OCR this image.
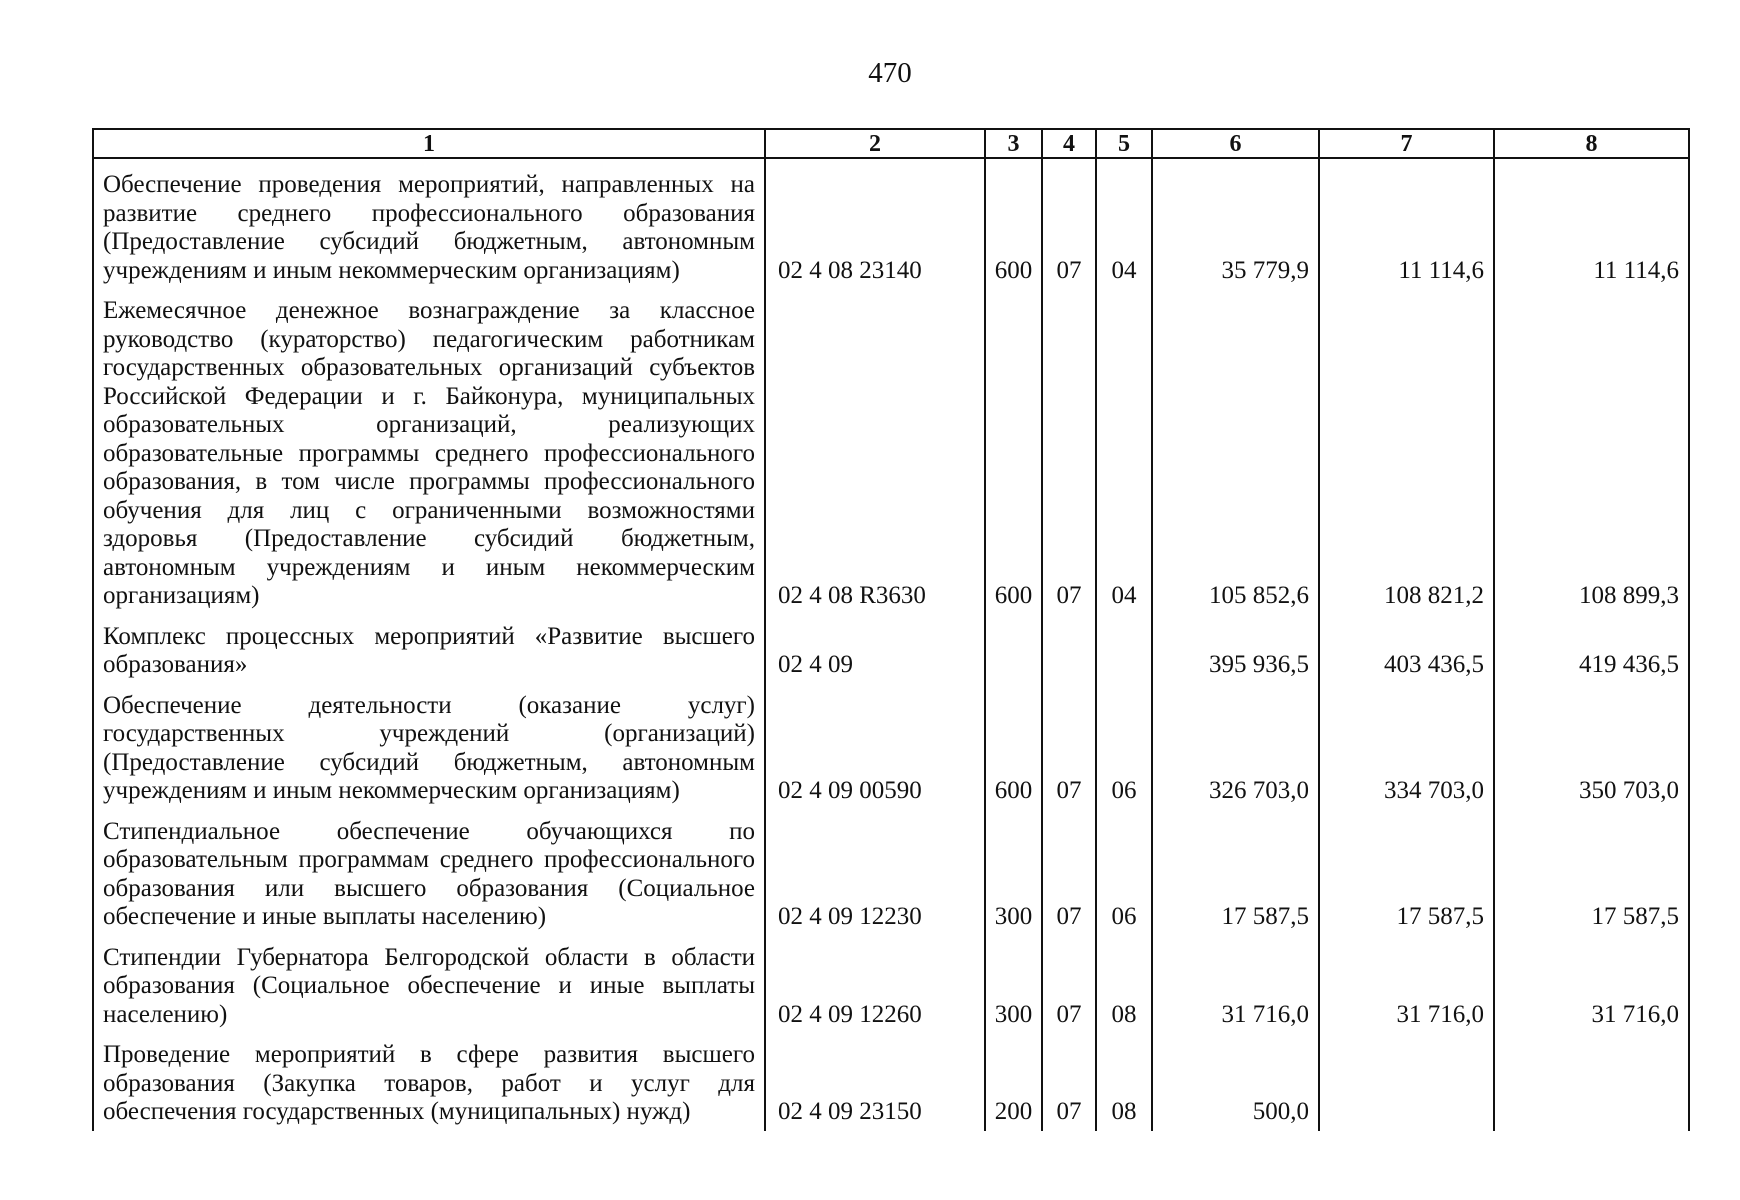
470
1	2	3	4	5	6	7	8
Обеспечение проведения мероприятий, направленных на развитие среднего профессионального образования (Предоставление субсидий бюджетным, автономным учреждениям и иным некоммерческим организациям)	02 4 08 23140	600	07	04	35 779,9	11 114,6	11 114,6
Ежемесячное денежное вознаграждение за классное руководство (кураторство) педагогическим работникам государственных образовательных организаций субъектов Российской Федерации и г. Байконура, муниципальных образовательных организаций, реализующих образовательные программы среднего профессионального образования, в том числе программы профессионального обучения для лиц с ограниченными возможностями здоровья (Предоставление субсидий бюджетным, автономным учреждениям и иным некоммерческим организациям)	02 4 08 R3630	600	07	04	105 852,6	108 821,2	108 899,3
Комплекс процессных мероприятий «Развитие высшего образования»	02 4 09				395 936,5	403 436,5	419 436,5
Обеспечение деятельности (оказание услуг) государственных учреждений (организаций) (Предоставление субсидий бюджетным, автономным учреждениям и иным некоммерческим организациям)	02 4 09 00590	600	07	06	326 703,0	334 703,0	350 703,0
Стипендиальное обеспечение обучающихся по образовательным программам среднего профессионального образования или высшего образования (Социальное обеспечение и иные выплаты населению)	02 4 09 12230	300	07	06	17 587,5	17 587,5	17 587,5
Стипендии Губернатора Белгородской области в области образования (Социальное обеспечение и иные выплаты населению)	02 4 09 12260	300	07	08	31 716,0	31 716,0	31 716,0
Проведение мероприятий в сфере развития высшего образования (Закупка товаров, работ и услуг для обеспечения государственных (муниципальных) нужд)	02 4 09 23150	200	07	08	500,0		
